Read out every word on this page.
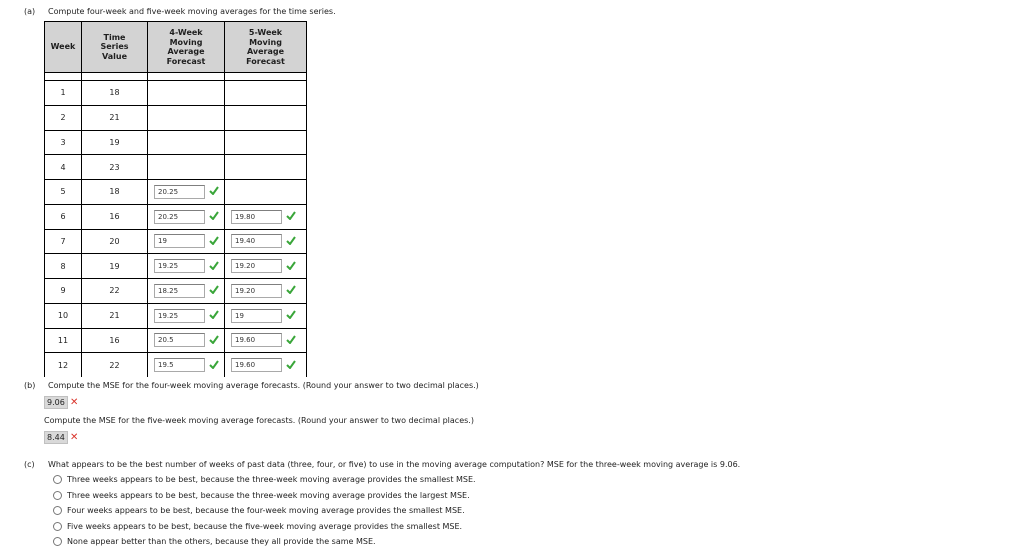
(a) Compute four-week and five-week moving averages for the time series.
Week	Time Series Value	4-Week Moving Average Forecast	5-Week Moving Average Forecast

1	18		
2	21		
3	19		
4	23		
5	18	20.25	
6	16	20.25	19.80
7	20	19	19.40
8	19	19.25	19.20
9	22	18.25	19.20
10	21	19.25	19
11	16	20.5	19.60
12	22	19.5	19.60
(b) Compute the MSE for the four-week moving average forecasts. (Round your answer to two decimal places.)
9.06 ✕
Compute the MSE for the five-week moving average forecasts. (Round your answer to two decimal places.)
8.44 ✕
(c) What appears to be the best number of weeks of past data (three, four, or five) to use in the moving average computation? MSE for the three-week moving average is 9.06.
Three weeks appears to be best, because the three-week moving average provides the smallest MSE.
Three weeks appears to be best, because the three-week moving average provides the largest MSE.
Four weeks appears to be best, because the four-week moving average provides the smallest MSE.
Five weeks appears to be best, because the five-week moving average provides the smallest MSE.
None appear better than the others, because they all provide the same MSE.
